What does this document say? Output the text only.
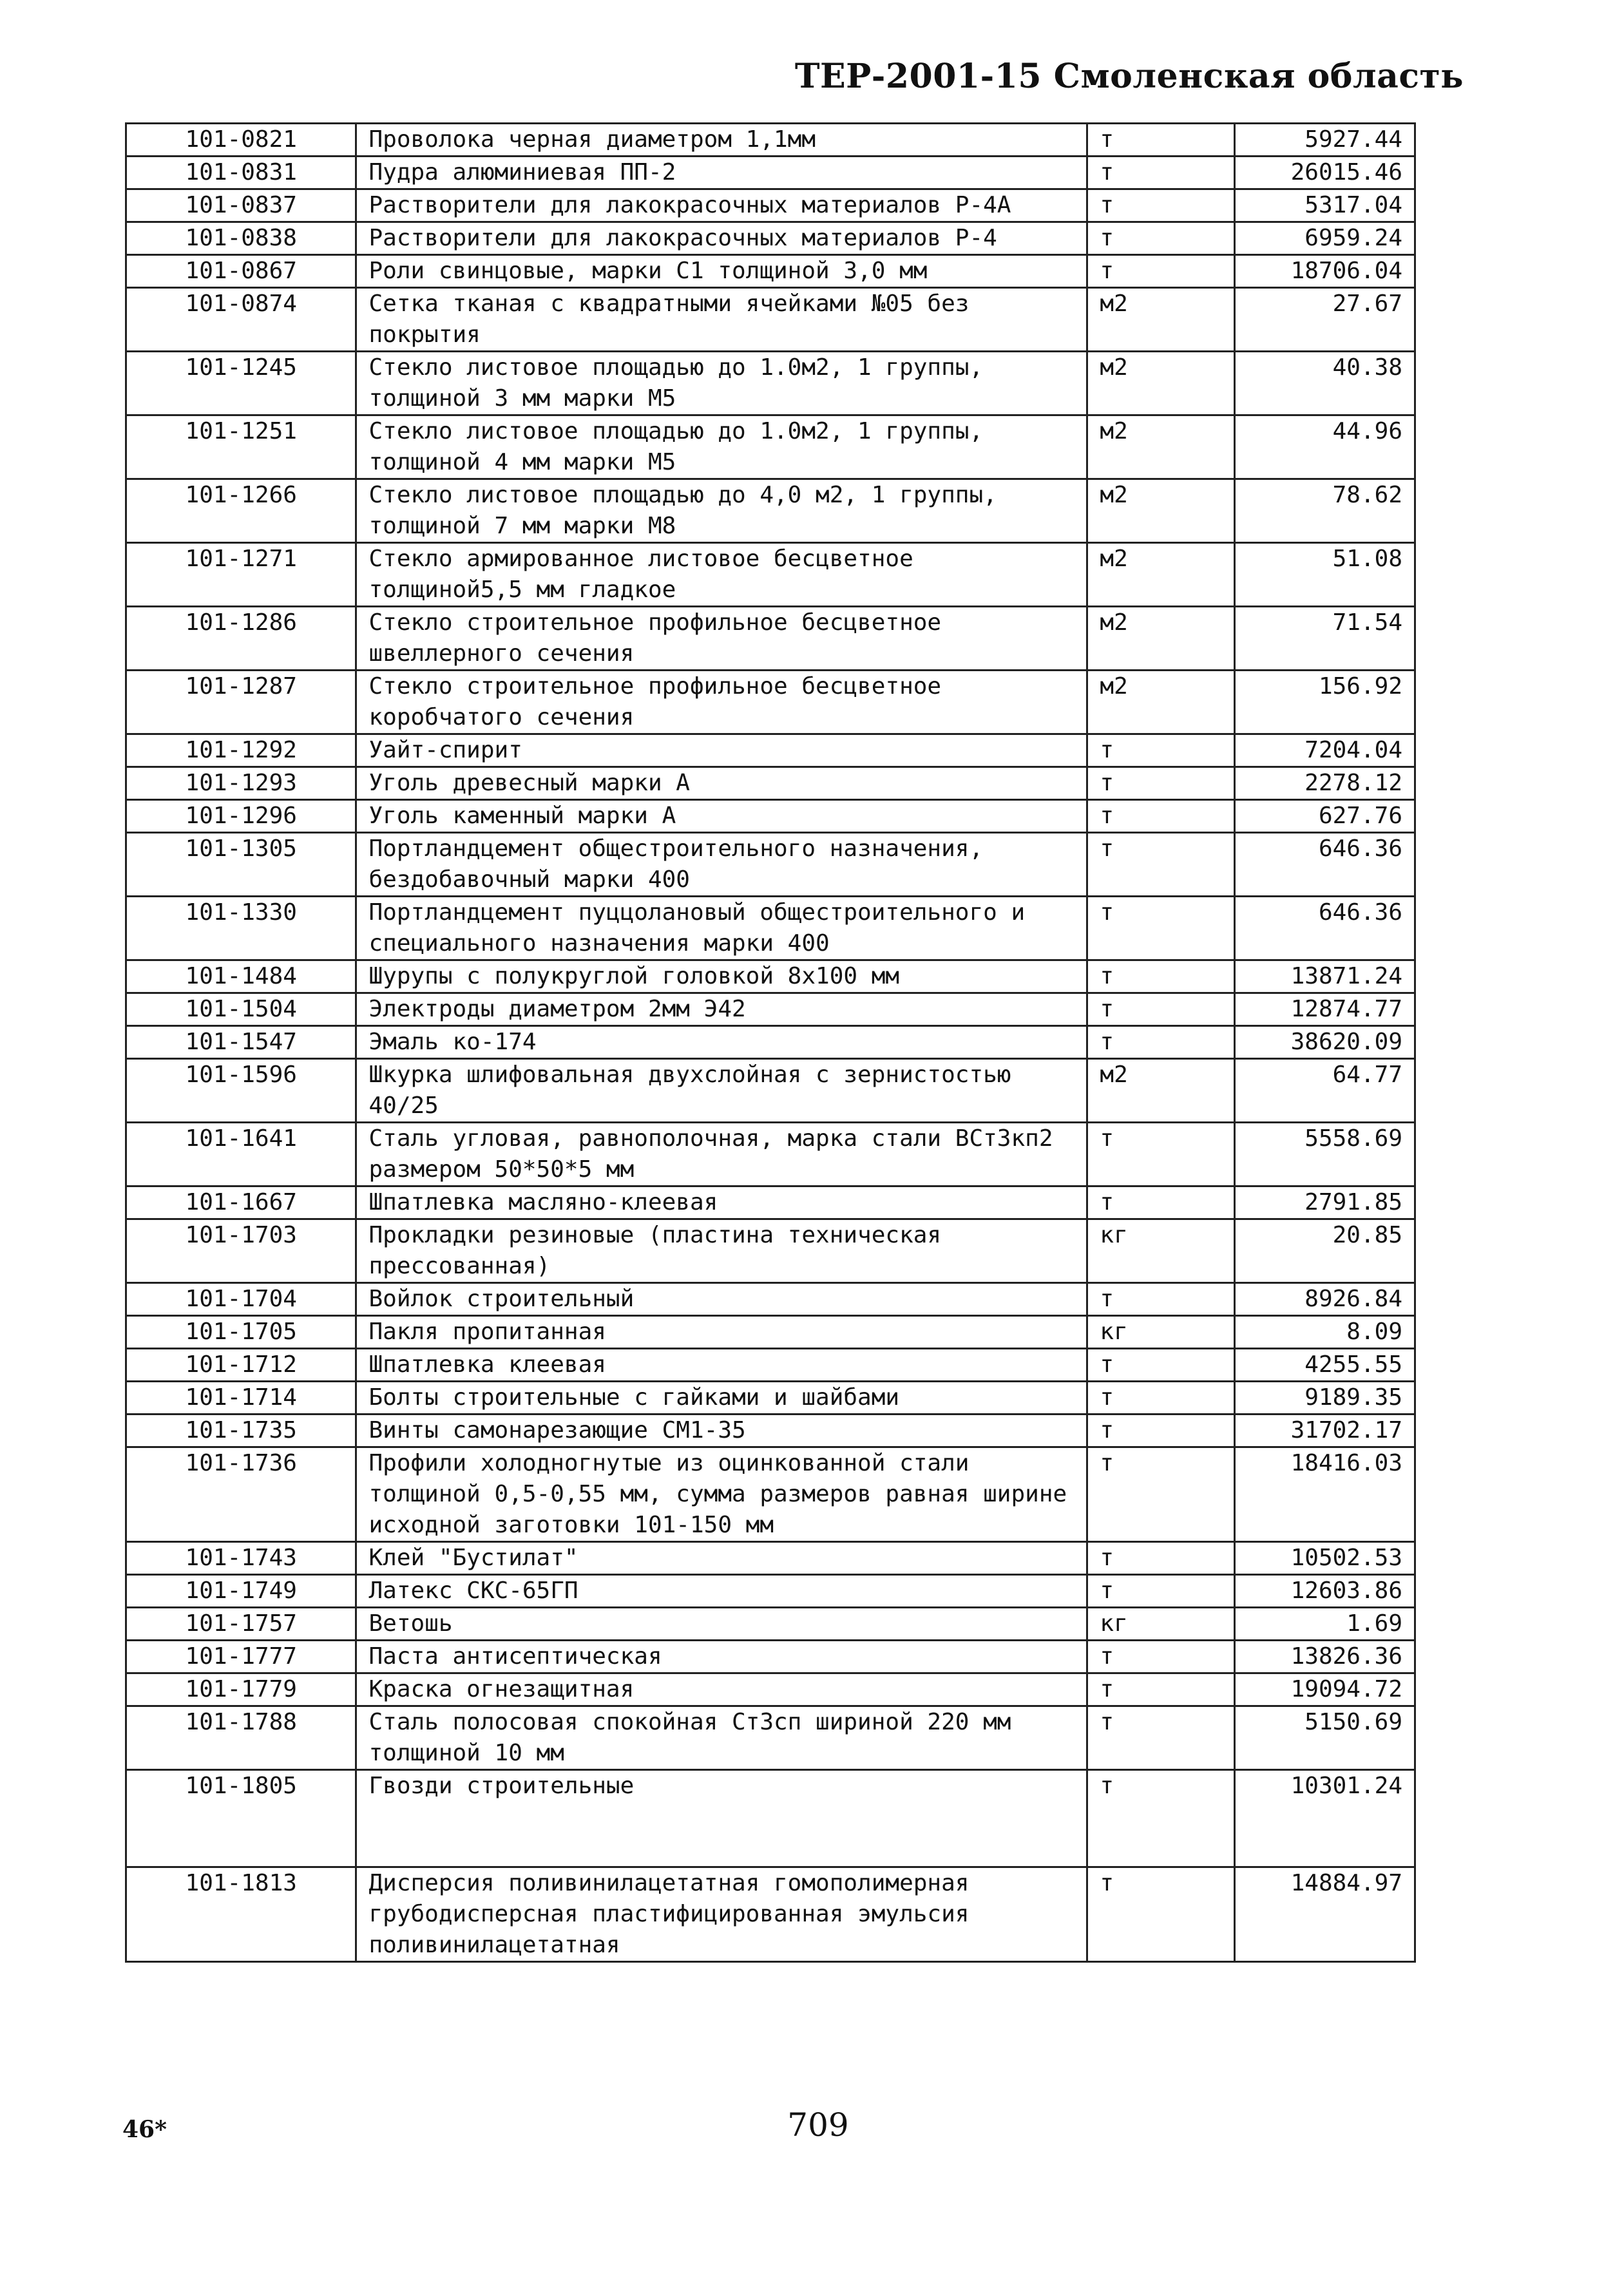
ТЕР-2001-15 Смоленская область
101-0821	Проволока черная диаметром 1,1мм	т	5927.44
101-0831	Пудра алюминиевая ПП-2	т	26015.46
101-0837	Растворители для лакокрасочных материалов Р-4А	т	5317.04
101-0838	Растворители для лакокрасочных материалов Р-4	т	6959.24
101-0867	Роли свинцовые, марки С1 толщиной 3,0 мм	т	18706.04
101-0874	Сетка тканая с квадратными ячейками №05 без покрытия	м2	27.67
101-1245	Стекло листовое площадью до 1.0м2, 1 группы, толщиной 3 мм марки М5	м2	40.38
101-1251	Стекло листовое площадью до 1.0м2, 1 группы, толщиной 4 мм марки М5	м2	44.96
101-1266	Стекло листовое площадью до 4,0 м2, 1 группы, толщиной 7 мм марки М8	м2	78.62
101-1271	Стекло армированное листовое бесцветное толщиной5,5 мм гладкое	м2	51.08
101-1286	Стекло строительное профильное бесцветное швеллерного сечения	м2	71.54
101-1287	Стекло строительное профильное бесцветное коробчатого сечения	м2	156.92
101-1292	Уайт-спирит	т	7204.04
101-1293	Уголь древесный марки А	т	2278.12
101-1296	Уголь каменный марки А	т	627.76
101-1305	Портландцемент общестроительного назначения, бездобавочный марки 400	т	646.36
101-1330	Портландцемент пуццолановый общестроительного и специального назначения марки 400	т	646.36
101-1484	Шурупы с полукруглой головкой 8х100 мм	т	13871.24
101-1504	Электроды диаметром 2мм Э42	т	12874.77
101-1547	Эмаль ко-174	т	38620.09
101-1596	Шкурка шлифовальная двухслойная с зернистостью 40/25	м2	64.77
101-1641	Сталь угловая, равнополочная, марка стали ВСт3кп2 размером 50*50*5 мм	т	5558.69
101-1667	Шпатлевка масляно-клеевая	т	2791.85
101-1703	Прокладки резиновые (пластина техническая прессованная)	кг	20.85
101-1704	Войлок строительный	т	8926.84
101-1705	Пакля пропитанная	кг	8.09
101-1712	Шпатлевка клеевая	т	4255.55
101-1714	Болты строительные с гайками и шайбами	т	9189.35
101-1735	Винты самонарезающие СМ1-35	т	31702.17
101-1736	Профили холодногнутые из оцинкованной стали толщиной 0,5-0,55 мм, сумма размеров равная ширине исходной заготовки 101-150 мм	т	18416.03
101-1743	Клей "Бустилат"	т	10502.53
101-1749	Латекс СКС-65ГП	т	12603.86
101-1757	Ветошь	кг	1.69
101-1777	Паста антисептическая	т	13826.36
101-1779	Краска огнезащитная	т	19094.72
101-1788	Сталь полосовая спокойная Ст3сп шириной 220 мм толщиной 10 мм	т	5150.69
101-1805	Гвозди строительные	т	10301.24
101-1813	Дисперсия поливинилацетатная гомополимерная грубодисперсная пластифицированная эмульсия поливинилацетатная	т	14884.97
46*	709
